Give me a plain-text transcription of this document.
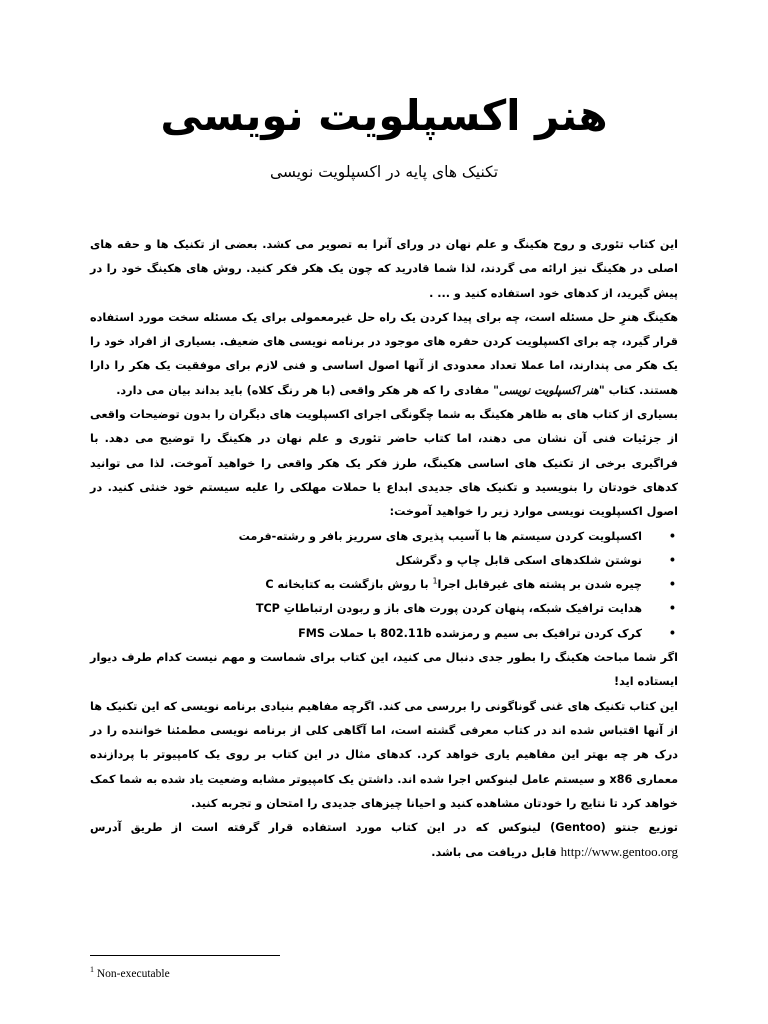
هنر اکسپلویت نویسی
تکنیک های پایه در اکسپلویت نویسی

این کتاب تئوری و روح هکینگ و علم نهان در ورای آنرا به تصویر می کشد. بعضی از تکنیک ها و حقه های اصلی در هکینگ نیز ارائه می گردند، لذا شما قادرید که چون یک هکر فکر کنید. روش های هکینگ خود را در پیش گیرید، از کدهای خود استفاده کنید و ... .

هکینگ هنرِ حل مسئله است، چه برای پیدا کردن یک راه حل غیرمعمولی برای یک مسئله سخت مورد استفاده قرار گیرد، چه برای اکسپلویت کردن حفره های موجود در برنامه نویسی های ضعیف. بسیاری از افراد خود را یک هکر می پندارند، اما عملا تعداد معدودی از آنها اصول اساسی و فنی لازم برای موفقیت یک هکر را دارا هستند. کتاب "هنر اکسپلویت نویسی" مفادی را که هر هکر واقعی (با هر رنگ کلاه) باید بداند بیان می دارد.

بسیاری از کتاب های به ظاهر هکینگ به شما چگونگی اجرای اکسپلویت های دیگران را بدون توضیحات واقعی از جزئیات فنی آن نشان می دهند، اما کتاب حاضر تئوری و علم نهان در هکینگ را توضیح می دهد. با فراگیری برخی از تکنیک های اساسی هکینگ، طرز فکر یک هکر واقعی را خواهید آموخت. لذا می توانید کدهای خودتان را بنویسید و تکنیک های جدیدی ابداع یا حملات مهلکی را علیه سیستم خود خنثی کنید. در اصول اکسپلویت نویسی موارد زیر را خواهید آموخت:

•
اکسپلویت کردن سیستم ها با آسیب پذیری های سرریز بافر و رشته-فرمت
•
نوشتن شلکدهای اسکی قابل چاپ و دگرشکل
•
چیره شدن بر پشته های غیرقابل اجرا$^1$ با روش بازگشت به کتابخانه C
•
هدایت ترافیک شبکه، پنهان کردن پورت های باز و ربودن ارتباطاتِ TCP
•
کرک کردن ترافیک بی سیم و رمزشده 802.11b با حملات FMS

اگر شما مباحث هکینگ را بطور جدی دنبال می کنید، این کتاب برای شماست و مهم نیست کدام طرف دیوار ایستاده اید!

این کتاب تکنیک های غنی گوناگونی را بررسی می کند. اگرچه مفاهیم بنیادی برنامه نویسی که این تکنیک ها از آنها اقتباس شده اند در کتاب معرفی گشته است، اما آگاهی کلی از برنامه نویسی مطمئنا خواننده را در درک هر چه بهتر این مفاهیم یاری خواهد کرد. کدهای مثال در این کتاب بر روی یک کامپیوتر با پردازنده معماری x86 و سیستم عامل لینوکس اجرا شده اند. داشتن یک کامپیوتر مشابه وضعیت یاد شده به شما کمک خواهد کرد تا نتایج را خودتان مشاهده کنید و احیانا چیزهای جدیدی را امتحان و تجربه کنید.

توزیع جنتو (Gentoo) لینوکس که در این کتاب مورد استفاده قرار گرفته است از طریق آدرس http://www.gentoo.org قابل دریافت می باشد.

$^1$ Non-executable
